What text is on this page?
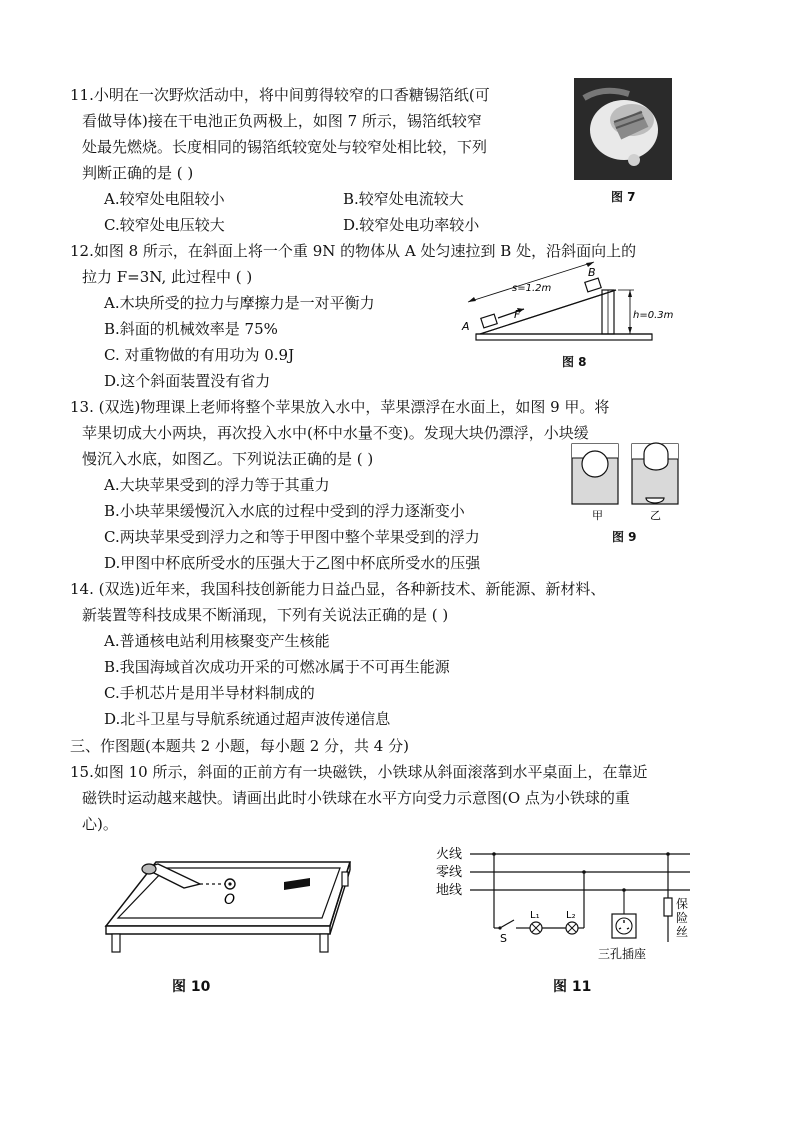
11.小明在一次野炊活动中，将中间剪得较窄的口香糖锡箔纸(可
看做导体)接在干电池正负两极上，如图 7 所示，锡箔纸较窄
处最先燃烧。长度相同的锡箔纸较宽处与较窄处相比较，下列
判断正确的是 ( )
A.较窄处电阻较小	B.较窄处电流较大
C.较窄处电压较大	D.较窄处电功率较小
图 7
12.如图 8 所示，在斜面上将一个重 9N 的物体从 A 处匀速拉到 B 处，沿斜面向上的
拉力 F=3N, 此过程中 ( )
A.木块所受的拉力与摩擦力是一对平衡力
B.斜面的机械效率是 75%
C. 对重物做的有用功为 0.9J
D.这个斜面装置没有省力
s=1.2m
h=0.3m
A
B
F
图 8
13. (双选)物理课上老师将整个苹果放入水中，苹果漂浮在水面上，如图 9 甲。将
苹果切成大小两块，再次投入水中(杯中水量不变)。发现大块仍漂浮，小块缓
慢沉入水底，如图乙。下列说法正确的是 ( )
A.大块苹果受到的浮力等于其重力
B.小块苹果缓慢沉入水底的过程中受到的浮力逐渐变小
C.两块苹果受到浮力之和等于甲图中整个苹果受到的浮力
D.甲图中杯底所受水的压强大于乙图中杯底所受水的压强
甲	乙
图 9
14. (双选)近年来，我国科技创新能力日益凸显，各种新技术、新能源、新材料、
新装置等科技成果不断涌现，下列有关说法正确的是 ( )
A.普通核电站利用核聚变产生核能
B.我国海域首次成功开采的可燃冰属于不可再生能源
C.手机芯片是用半导材料制成的
D.北斗卫星与导航系统通过超声波传递信息
三、作图题(本题共 2 小题，每小题 2 分，共 4 分)
15.如图 10 所示，斜面的正前方有一块磁铁，小铁球从斜面滚落到水平桌面上，在靠近
磁铁时运动越来越快。请画出此时小铁球在水平方向受力示意图(O 点为小铁球的重
心)。
O
图 10
火线
零线
地线
S
L₁	L₂
三孔插座
保险丝
图 11
